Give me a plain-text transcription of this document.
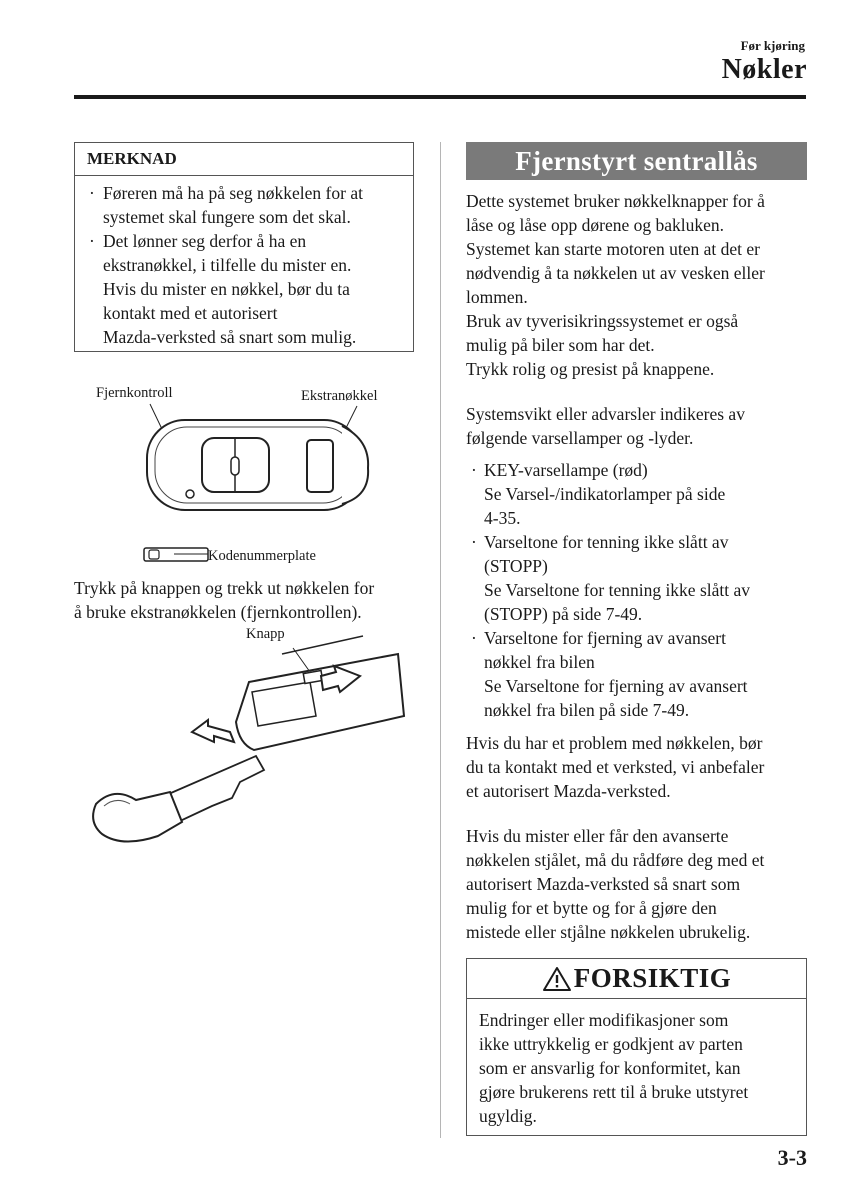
Før kjøring
Nøkler
MERKNAD
· Føreren må ha på seg nøkkelen for at
systemet skal fungere som det skal.
· Det lønner seg derfor å ha en
ekstranøkkel, i tilfelle du mister en.
Hvis du mister en nøkkel, bør du ta
kontakt med et autorisert
Mazda-verksted så snart som mulig.
Fjernkontroll	Ekstranøkkel
Kodenummerplate

Trykk på knappen og trekk ut nøkkelen for

å bruke ekstranøkkelen (fjernkontrollen).

Knapp
Fjernstyrt sentrallås

Dette systemet bruker nøkkelknapper for å

låse og låse opp dørene og bakluken.

Systemet kan starte motoren uten at det er

nødvendig å ta nøkkelen ut av vesken eller

lommen.

Bruk av tyverisikringssystemet er også

mulig på biler som har det.

Trykk rolig og presist på knappene.

Systemsvikt eller advarsler indikeres av

følgende varsellamper og -lyder.

· KEY-varsellampe (rød)
Se Varsel-/indikatorlamper på side
4-35.
· Varseltone for tenning ikke slått av
(STOPP)
Se Varseltone for tenning ikke slått av
(STOPP) på side 7-49.
· Varseltone for fjerning av avansert
nøkkel fra bilen
Se Varseltone for fjerning av avansert
nøkkel fra bilen på side 7-49.

Hvis du har et problem med nøkkelen, bør

du ta kontakt med et verksted, vi anbefaler

et autorisert Mazda-verksted.

Hvis du mister eller får den avanserte

nøkkelen stjålet, må du rådføre deg med et

autorisert Mazda-verksted så snart som

mulig for et bytte og for å gjøre den

mistede eller stjålne nøkkelen ubrukelig.

FORSIKTIG
Endringer eller modifikasjoner som
ikke uttrykkelig er godkjent av parten
som er ansvarlig for konformitet, kan
gjøre brukerens rett til å bruke utstyret
ugyldig.
3-3
